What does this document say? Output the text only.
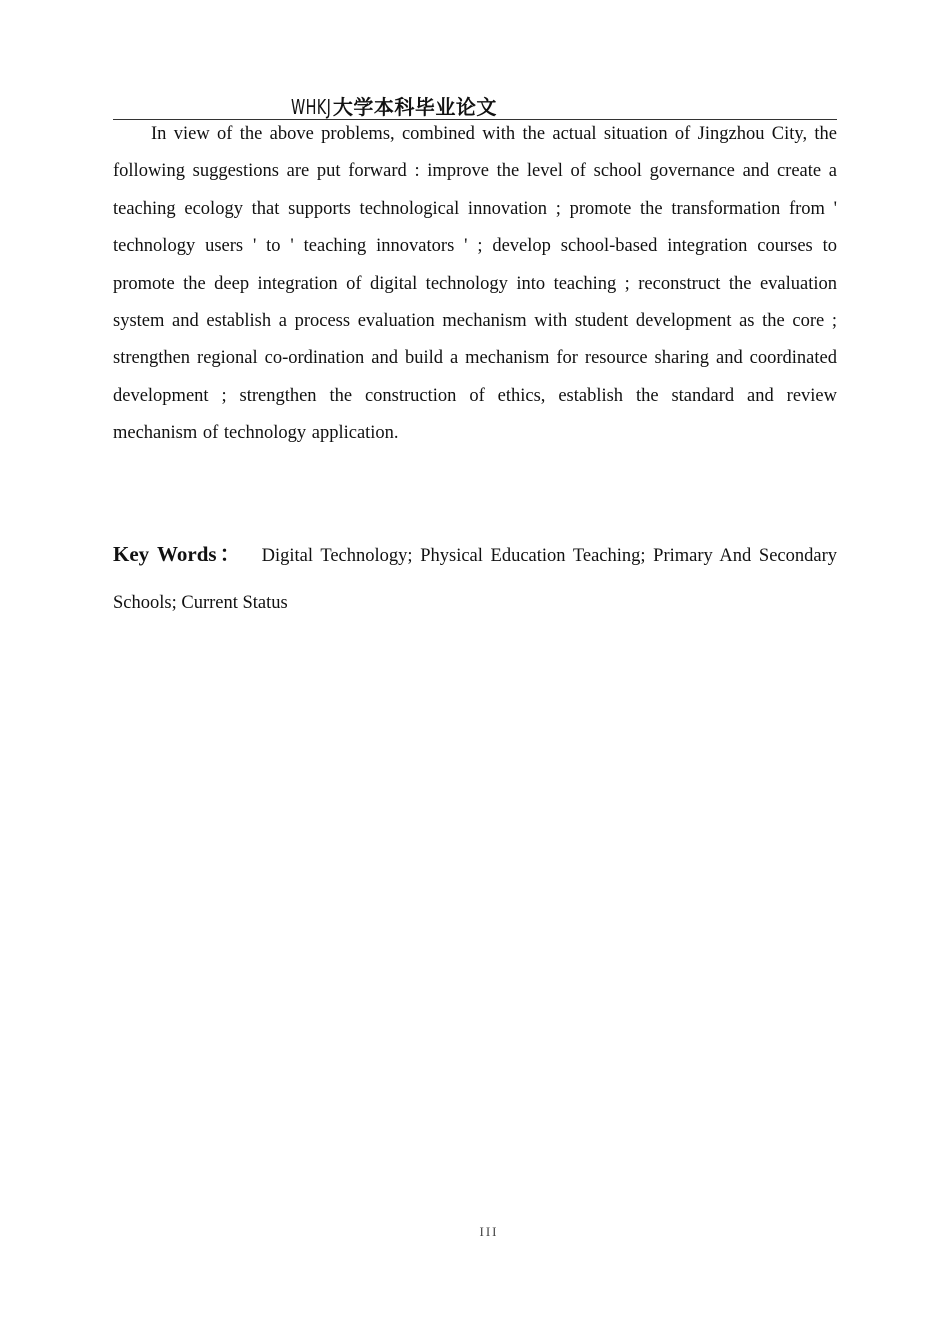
WHKJ大学本科毕业论文

In view of the above problems, combined with the actual situation of Jingzhou City, the following suggestions are put forward : improve the level of school governance and create a teaching ecology that supports technological innovation ; promote the transformation from ' technology users ' to ' teaching innovators ' ; develop school-based integration courses to promote the deep integration of digital technology into teaching ; reconstruct the evaluation system and establish a process evaluation mechanism with student development as the core ; strengthen regional co-ordination and build a mechanism for resource sharing and coordinated development ; strengthen the construction of ethics, establish the standard and review mechanism of technology application.

Key Words： Digital Technology; Physical Education Teaching; Primary And Secondary Schools; Current Status
III
